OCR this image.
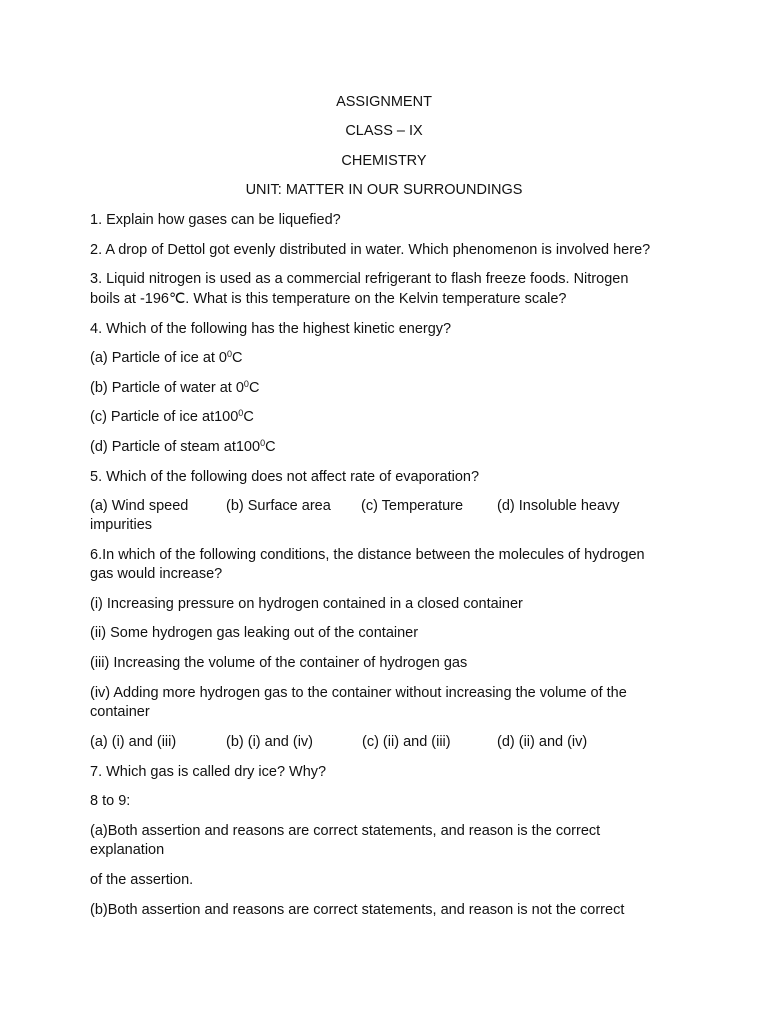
ASSIGNMENT
CLASS – IX
CHEMISTRY
UNIT: MATTER IN OUR SURROUNDINGS
1. Explain how gases can be liquefied?
2. A drop of Dettol got evenly distributed in water. Which phenomenon is involved here?
3. Liquid nitrogen is used as a commercial refrigerant to flash freeze foods. Nitrogen
boils at -196℃. What is this temperature on the Kelvin temperature scale?
4. Which of the following has the highest kinetic energy?
(a) Particle of ice at $0^0C$
(b) Particle of water at $0^0C$
(c) Particle of ice $at100^0C$
(d) Particle of steam $at100^0C$
5. Which of the following does not affect rate of evaporation?
(a) Wind speed	(b) Surface area	(c) Temperature	(d) Insoluble heavy
impurities
6.In which of the following conditions, the distance between the molecules of hydrogen
gas would increase?
(i) Increasing pressure on hydrogen contained in a closed container
(ii) Some hydrogen gas leaking out of the container
(iii) Increasing the volume of the container of hydrogen gas
(iv) Adding more hydrogen gas to the container without increasing the volume of the
container
(a) (i) and (iii)	(b) (i) and (iv)	(c) (ii) and (iii)	(d) (ii) and (iv)
7. Which gas is called dry ice? Why?
8 to 9:
(a)Both assertion and reasons are correct statements, and reason is the correct
explanation
of the assertion.
(b)Both assertion and reasons are correct statements, and reason is not the correct
